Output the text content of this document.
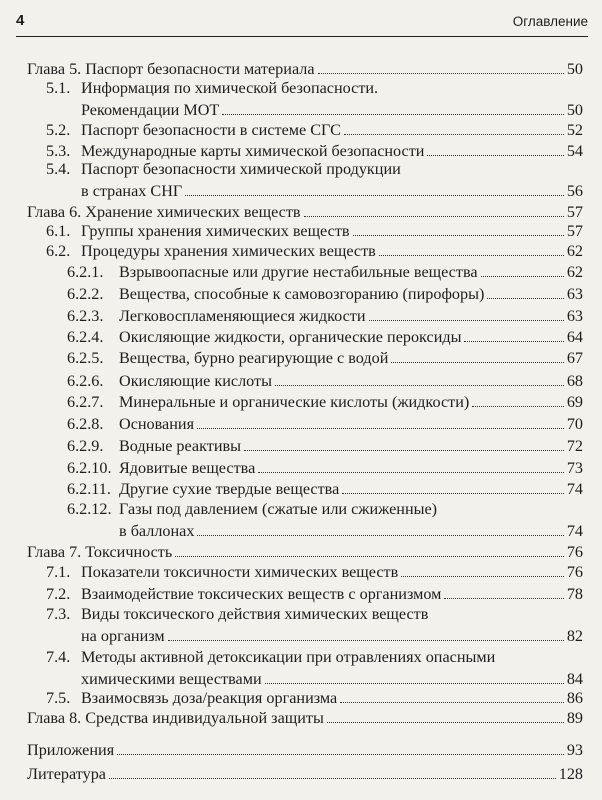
4	Оглавление
Глава 5. Паспорт безопасности материала	50
5.1. Информация по химической безопасности.
Рекомендации МОТ	50
5.2. Паспорт безопасности в системе СГС	52
5.3. Международные карты химической безопасности	54
5.4. Паспорт безопасности химической продукции
в странах СНГ	56
Глава 6. Хранение химических веществ	57
6.1. Группы хранения химических веществ	57
6.2. Процедуры хранения химических веществ	62
6.2.1. Взрывоопасные или другие нестабильные вещества	62
6.2.2. Вещества, способные к самовозгоранию (пирофоры)	63
6.2.3. Легковоспламеняющиеся жидкости	63
6.2.4. Окисляющие жидкости, органические пероксиды	64
6.2.5. Вещества, бурно реагирующие с водой	67
6.2.6. Окисляющие кислоты	68
6.2.7. Минеральные и органические кислоты (жидкости)	69
6.2.8. Основания	70
6.2.9. Водные реактивы	72
6.2.10. Ядовитые вещества	73
6.2.11. Другие сухие твердые вещества	74
6.2.12. Газы под давлением (сжатые или сжиженные)
в баллонах	74
Глава 7. Токсичность	76
7.1. Показатели токсичности химических веществ	76
7.2. Взаимодействие токсических веществ с организмом	78
7.3. Виды токсического действия химических веществ
на организм	82
7.4. Методы активной детоксикации при отравлениях опасными
химическими веществами	84
7.5. Взаимосвязь доза/реакция организма	86
Глава 8. Средства индивидуальной защиты	89
Приложения	93
Литература	128
